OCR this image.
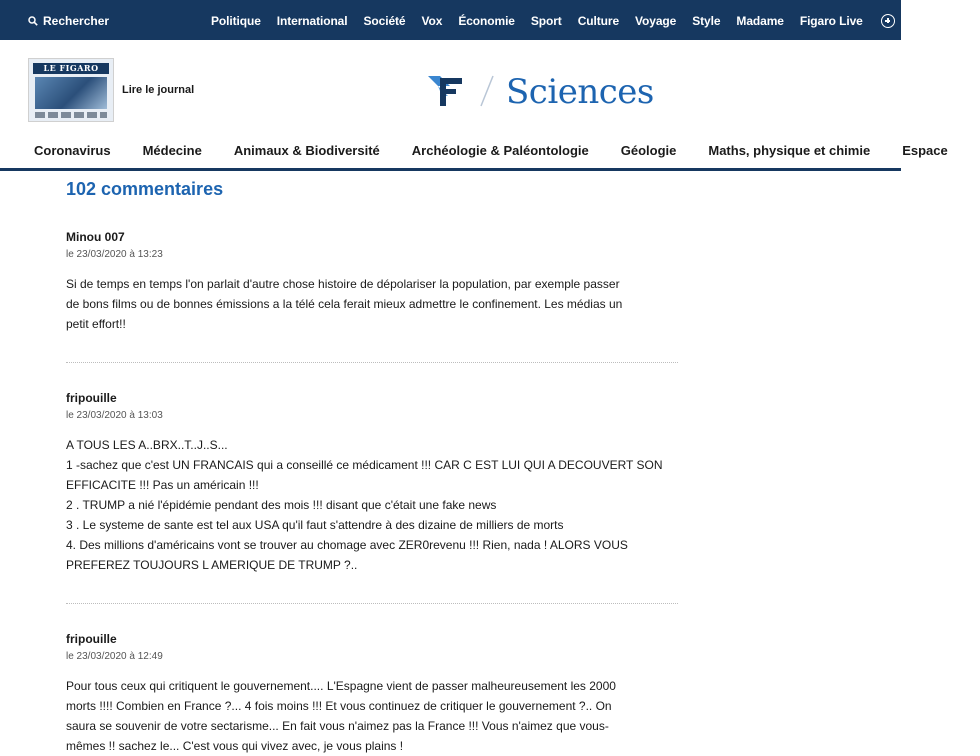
Rechercher	Politique International Société Vox Économie Sport Culture Voyage Style Madame Figaro Live
LE FIGARO
Lire le journal	Sciences
Coronavirus Médecine Animaux & Biodiversité Archéologie & Paléontologie Géologie Maths, physique et chimie Espace
102 commentaires
Minou 007
le 23/03/2020 à 13:23
Si de temps en temps l'on parlait d'autre chose histoire de dépolariser la population, par exemple passer
de bons films ou de bonnes émissions a la télé cela ferait mieux admettre le confinement. Les médias un
petit effort!!
fripouille
le 23/03/2020 à 13:03
A TOUS LES A..BRX..T..J..S...
1 -sachez que c'est UN FRANCAIS qui a conseillé ce médicament !!! CAR C EST LUI QUI A DECOUVERT SON
EFFICACITE !!! Pas un américain !!!
2 . TRUMP a nié l'épidémie pendant des mois !!! disant que c'était une fake news
3 . Le systeme de sante est tel aux USA qu'il faut s'attendre à des dizaine de milliers de morts
4. Des millions d'américains vont se trouver au chomage avec ZER0revenu !!! Rien, nada ! ALORS VOUS
PREFEREZ TOUJOURS L AMERIQUE DE TRUMP ?..
fripouille
le 23/03/2020 à 12:49
Pour tous ceux qui critiquent le gouvernement.... L'Espagne vient de passer malheureusement les 2000
morts !!!! Combien en France ?... 4 fois moins !!! Et vous continuez de critiquer le gouvernement ?.. On
saura se souvenir de votre sectarisme... En fait vous n'aimez pas la France !!! Vous n'aimez que vous-
mêmes !! sachez le... C'est vous qui vivez avec, je vous plains !
